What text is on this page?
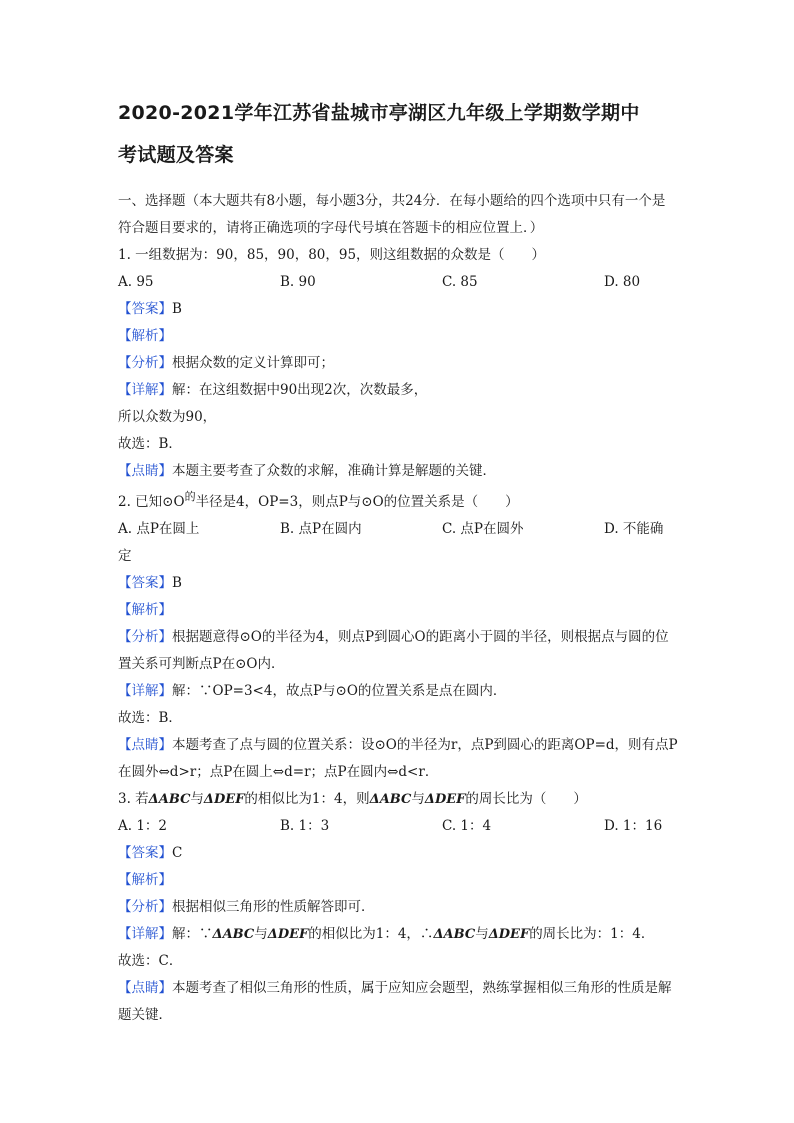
2020-2021学年江苏省盐城市亭湖区九年级上学期数学期中
考试题及答案

一、选择题（本大题共有8小题，每小题3分，共24分．在每小题给的四个选项中只有一个是符合题目要求的，请将正确选项的字母代号填在答题卡的相应位置上．）

1. 一组数据为：90，85，90，80，95，则这组数据的众数是（　　）

A. 95	B. 90	C. 85	D. 80

【答案】B

【解析】

【分析】根据众数的定义计算即可；

【详解】解：在这组数据中90出现2次，次数最多，

所以众数为90，

故选：B．

【点睛】本题主要考查了众数的求解，准确计算是解题的关键．

2. 已知$⊙O^的$半径是4，OP=3，则点P与⊙O的位置关系是（　　）

A. 点P在圆上	B. 点P在圆内	C. 点P在圆外	D. 不能确

定

【答案】B

【解析】

【分析】根据题意得⊙O的半径为4，则点P到圆心O的距离小于圆的半径，则根据点与圆的位置关系可判断点P在⊙O内．

【详解】解：∵OP=3<4，故点P与⊙O的位置关系是点在圆内．

故选：B．

【点睛】本题考查了点与圆的位置关系：设⊙O的半径为r，点P到圆心的距离OP=d，则有点P在圆外⇔d>r；点P在圆上⇔d=r；点P在圆内⇔d<r．

3. 若ΔABC与ΔDEF的相似比为1：4，则ΔABC与ΔDEF的周长比为（　　）

A. 1：2	B. 1：3	C. 1：4	D. 1：16

【答案】C

【解析】

【分析】根据相似三角形的性质解答即可．

【详解】解：∵ΔABC与ΔDEF的相似比为1：4，∴ΔABC与ΔDEF的周长比为：1：4．

故选：C．

【点睛】本题考查了相似三角形的性质，属于应知应会题型，熟练掌握相似三角形的性质是解题关键．
